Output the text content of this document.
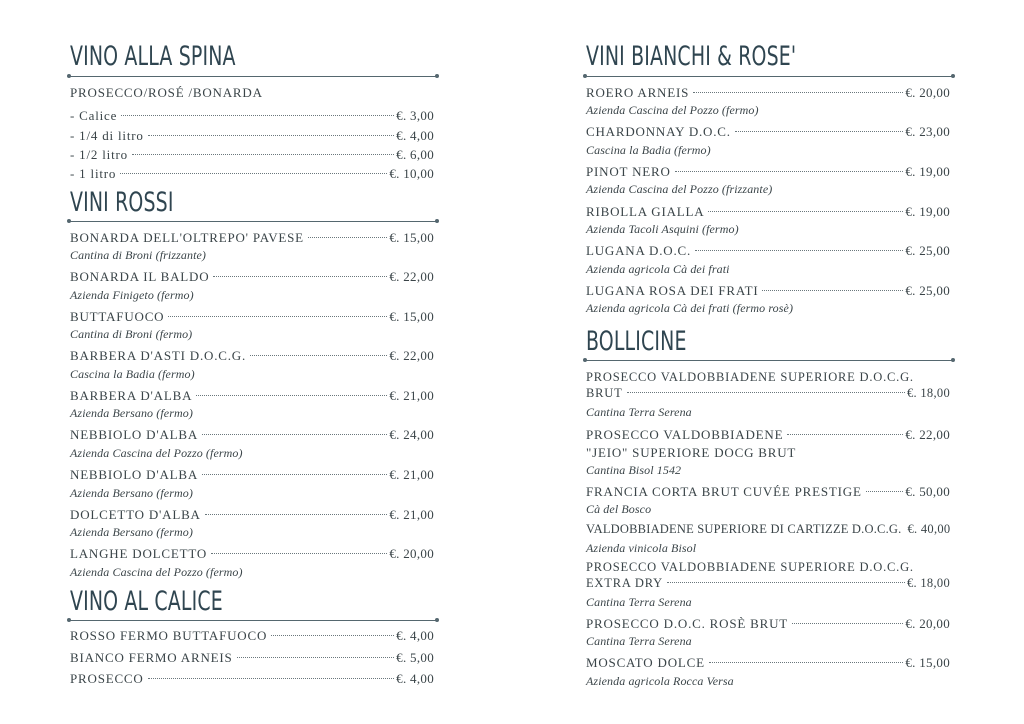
VINO ALLA SPINA
PROSECCO/ROSÉ /BONARDA
- Calice	€. 3,00
- 1/4 di litro	€. 4,00
- 1/2 litro	€. 6,00
- 1 litro	€. 10,00
VINI ROSSI
BONARDA DELL'OLTREPO' PAVESE	€. 15,00
Cantina di Broni (frizzante)
BONARDA IL BALDO	€. 22,00
Azienda Finigeto (fermo)
BUTTAFUOCO	€. 15,00
Cantina di Broni (fermo)
BARBERA D'ASTI D.O.C.G.	€. 22,00
Cascina la Badia (fermo)
BARBERA D'ALBA	€. 21,00
Azienda Bersano (fermo)
NEBBIOLO D'ALBA	€. 24,00
Azienda Cascina del Pozzo (fermo)
NEBBIOLO D'ALBA	€. 21,00
Azienda Bersano (fermo)
DOLCETTO D'ALBA	€. 21,00
Azienda Bersano (fermo)
LANGHE DOLCETTO	€. 20,00
Azienda Cascina del Pozzo (fermo)
VINO AL CALICE
ROSSO FERMO BUTTAFUOCO	€. 4,00
BIANCO FERMO ARNEIS	€. 5,00
PROSECCO	€. 4,00
VINI BIANCHI & ROSE'
ROERO ARNEIS	€. 20,00
Azienda Cascina del Pozzo (fermo)
CHARDONNAY D.O.C.	€. 23,00
Cascina la Badia (fermo)
PINOT NERO	€. 19,00
Azienda Cascina del Pozzo (frizzante)
RIBOLLA GIALLA	€. 19,00
Azienda Tacoli Asquini (fermo)
LUGANA D.O.C.	€. 25,00
Azienda agricola Cà dei frati
LUGANA ROSA DEI FRATI	€. 25,00
Azienda agricola Cà dei frati (fermo rosè)
BOLLICINE
PROSECCO VALDOBBIADENE SUPERIORE D.O.C.G.
BRUT	€. 18,00
Cantina Terra Serena
PROSECCO VALDOBBIADENE	€. 22,00
"JEIO" SUPERIORE DOCG BRUT
Cantina Bisol 1542
FRANCIA CORTA BRUT CUVÉE PRESTIGE	€. 50,00
Cà del Bosco
VALDOBBIADENE SUPERIORE DI CARTIZZE D.O.C.G. €. 40,00
Azienda vinicola Bisol
PROSECCO VALDOBBIADENE SUPERIORE D.O.C.G.
EXTRA DRY	€. 18,00
Cantina Terra Serena
PROSECCO D.O.C. ROSÈ BRUT	€. 20,00
Cantina Terra Serena
MOSCATO DOLCE	€. 15,00
Azienda agricola Rocca Versa
